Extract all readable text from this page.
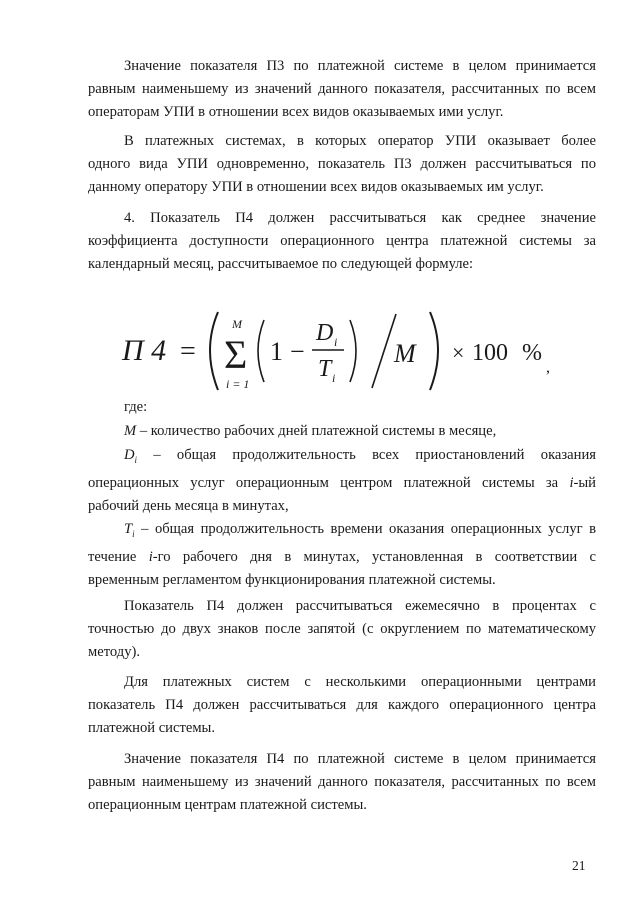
Значение показателя П3 по платежной системе в целом принимается
равным наименьшему из значений данного показателя, рассчитанных по всем
операторам УПИ в отношении всех видов оказываемых ими услуг.
В платежных системах, в которых оператор УПИ оказывает более
одного вида УПИ одновременно, показатель П3 должен рассчитываться по
данному оператору УПИ в отношении всех видов оказываемых им услуг.
4. Показатель П4 должен рассчитываться как среднее значение
коэффициента доступности операционного центра платежной системы за
календарный месяц, рассчитываемое по следующей формуле:
П 4 =
M
Σ
i = 1
1 −
D i
T i
M × 100 %
,
где:
M – количество рабочих дней платежной системы в месяце,
$D_i$ – общая продолжительность всех приостановлений оказания
операционных услуг операционным центром платежной системы за i-ый
рабочий день месяца в минутах,
$T_i$ – общая продолжительность времени оказания операционных услуг в
течение i-го рабочего дня в минутах, установленная в соответствии с
временным регламентом функционирования платежной системы.
Показатель П4 должен рассчитываться ежемесячно в процентах с
точностью до двух знаков после запятой (с округлением по математическому
методу).
Для платежных систем с несколькими операционными центрами
показатель П4 должен рассчитываться для каждого операционного центра
платежной системы.
Значение показателя П4 по платежной системе в целом принимается
равным наименьшему из значений данного показателя, рассчитанных по всем
операционным центрам платежной системы.
21
